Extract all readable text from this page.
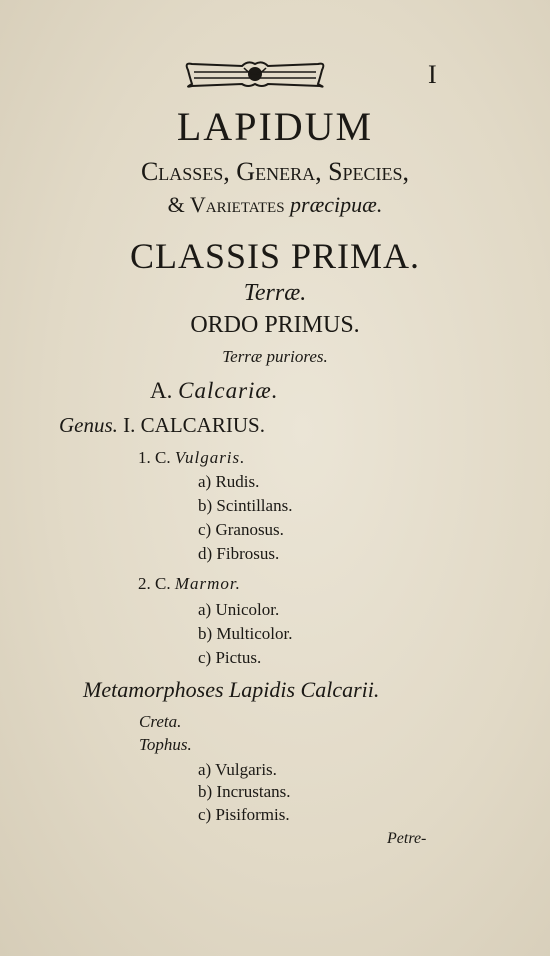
I
LAPIDUM
Classes, Genera, Species,
& Varietates præcipuæ.
CLASSIS PRIMA.
Terræ.
ORDO PRIMUS.
Terræ puriores.
A. Calcariæ.
Genus. I. CALCARIUS.
1. C. Vulgaris.
a) Rudis.
b) Scintillans.
c) Granosus.
d) Fibrosus.
2. C. Marmor.
a) Unicolor.
b) Multicolor.
c) Pictus.
Metamorphoses Lapidis Calcarii.
Creta.
Tophus.
a) Vulgaris.
b) Incrustans.
c) Pisiformis.
Petre-
